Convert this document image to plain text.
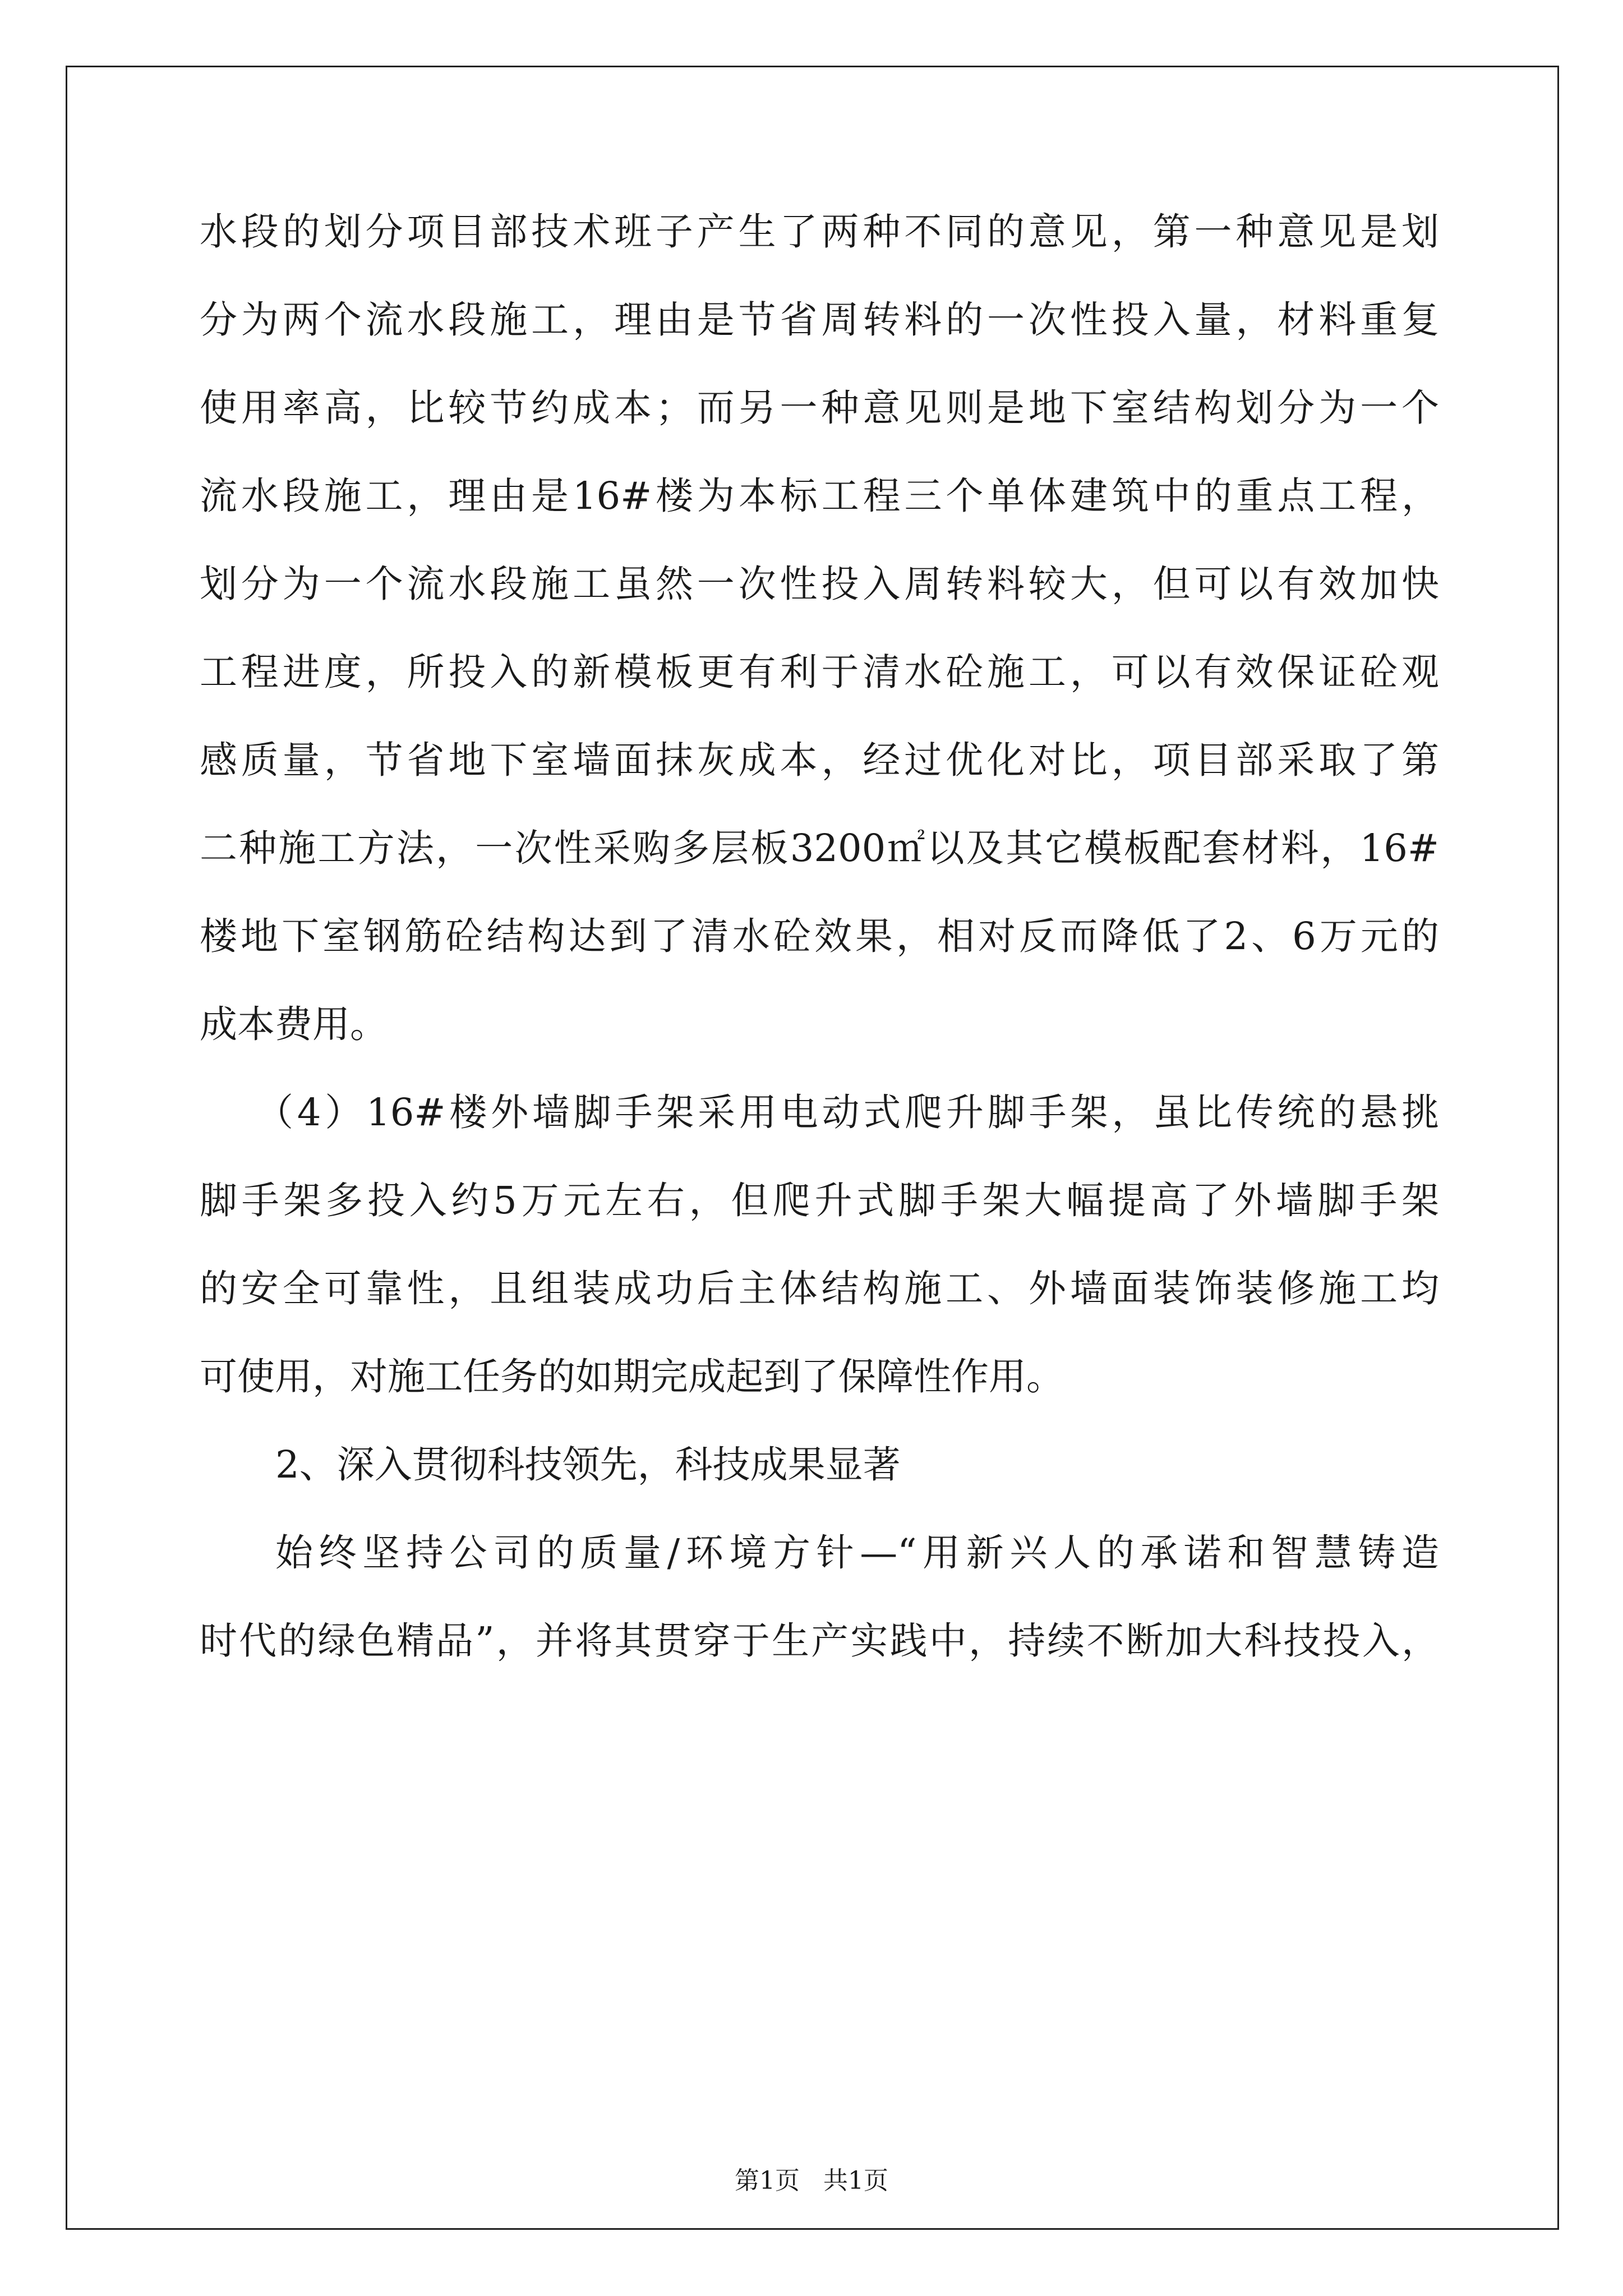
水段的划分项目部技术班子产生了两种不同的意见，第一种意见是划
分为两个流水段施工，理由是节省周转料的一次性投入量，材料重复
使用率高，比较节约成本；而另一种意见则是地下室结构划分为一个
流水段施工，理由是16#楼为本标工程三个单体建筑中的重点工程，
划分为一个流水段施工虽然一次性投入周转料较大，但可以有效加快
工程进度，所投入的新模板更有利于清水砼施工，可以有效保证砼观
感质量，节省地下室墙面抹灰成本，经过优化对比，项目部采取了第
二种施工方法，一次性采购多层板3200㎡以及其它模板配套材料，16#
楼地下室钢筋砼结构达到了清水砼效果，相对反而降低了2、6万元的
成本费用。
（4）16#楼外墙脚手架采用电动式爬升脚手架，虽比传统的悬挑
脚手架多投入约5万元左右，但爬升式脚手架大幅提高了外墙脚手架
的安全可靠性，且组装成功后主体结构施工、外墙面装饰装修施工均
可使用，对施工任务的如期完成起到了保障性作用。
2、深入贯彻科技领先，科技成果显著
始终坚持公司的质量/环境方针—“用新兴人的承诺和智慧铸造
时代的绿色精品”，并将其贯穿于生产实践中，持续不断加大科技投入，
第1页   共1页
